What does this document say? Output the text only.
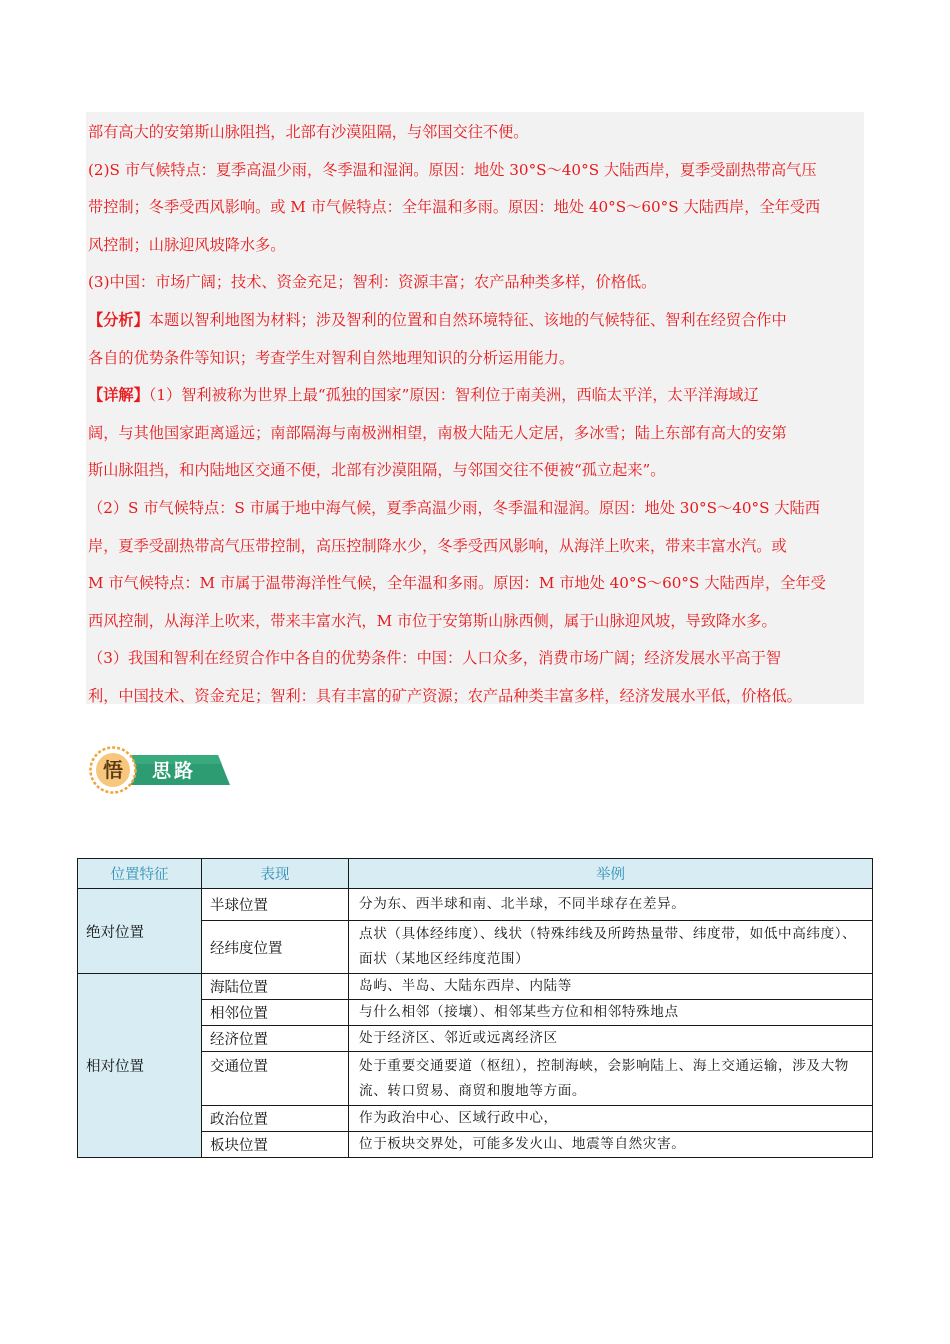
部有高大的安第斯山脉阻挡，北部有沙漠阻隔，与邻国交往不便。

(2)S 市气候特点：夏季高温少雨，冬季温和湿润。原因：地处 30°S～40°S 大陆西岸，夏季受副热带高气压

带控制；冬季受西风影响。或 M 市气候特点：全年温和多雨。原因：地处 40°S～60°S 大陆西岸，全年受西

风控制；山脉迎风坡降水多。

(3)中国：市场广阔；技术、资金充足；智利：资源丰富；农产品种类多样，价格低。

【分析】本题以智利地图为材料；涉及智利的位置和自然环境特征、该地的气候特征、智利在经贸合作中

各自的优势条件等知识；考查学生对智利自然地理知识的分析运用能力。

【详解】（1）智利被称为世界上最“孤独的国家”原因：智利位于南美洲，西临太平洋，太平洋海域辽

阔，与其他国家距离遥远；南部隔海与南极洲相望，南极大陆无人定居，多冰雪；陆上东部有高大的安第

斯山脉阻挡，和内陆地区交通不便，北部有沙漠阻隔，与邻国交往不便被“孤立起来”。

（2）S 市气候特点：S 市属于地中海气候，夏季高温少雨，冬季温和湿润。原因：地处 30°S～40°S 大陆西

岸，夏季受副热带高气压带控制，高压控制降水少，冬季受西风影响，从海洋上吹来，带来丰富水汽。或

M 市气候特点：M 市属于温带海洋性气候，全年温和多雨。原因：M 市地处 40°S～60°S 大陆西岸，全年受

西风控制，从海洋上吹来，带来丰富水汽，M 市位于安第斯山脉西侧，属于山脉迎风坡，导致降水多。

（3）我国和智利在经贸合作中各自的优势条件：中国：人口众多，消费市场广阔；经济发展水平高于智

利，中国技术、资金充足；智利：具有丰富的矿产资源；农产品种类丰富多样，经济发展水平低，价格低。

悟 思路
位置特征	表现	举例
绝对位置	半球位置	分为东、西半球和南、北半球，不同半球存在差异。
	经纬度位置	点状（具体经纬度）、线状（特殊纬线及所跨热量带、纬度带，如低中高纬度）、面状（某地区经纬度范围）
相对位置	海陆位置	岛屿、半岛、大陆东西岸、内陆等
	相邻位置	与什么相邻（接壤）、相邻某些方位和相邻特殊地点
	经济位置	处于经济区、邻近或远离经济区
	交通位置	处于重要交通要道（枢纽），控制海峡，会影响陆上、海上交通运输，涉及大物流、转口贸易、商贸和腹地等方面。
	政治位置	作为政治中心、区域行政中心，
	板块位置	位于板块交界处，可能多发火山、地震等自然灾害。
